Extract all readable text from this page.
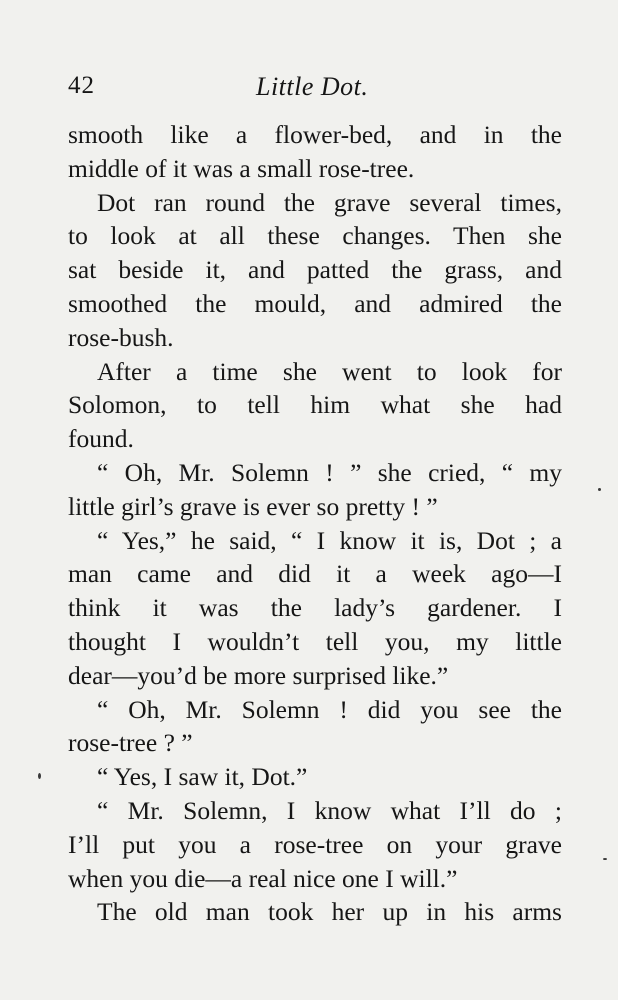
42	Little Dot.
smooth like a flower-bed, and in the
middle of it was a small rose-tree.
Dot ran round the grave several times,
to look at all these changes. Then she
sat beside it, and patted the grass, and
smoothed the mould, and admired the
rose-bush.
After a time she went to look for
Solomon, to tell him what she had
found.
“ Oh, Mr. Solemn ! ” she cried, “ my
little girl’s grave is ever so pretty ! ”
“ Yes,” he said, “ I know it is, Dot ; a
man came and did it a week ago—I
think it was the lady’s gardener. I
thought I wouldn’t tell you, my little
dear—you’d be more surprised like.”
“ Oh, Mr. Solemn ! did you see the
rose-tree ? ”
“ Yes, I saw it, Dot.”
“ Mr. Solemn, I know what I’ll do ;
I’ll put you a rose-tree on your grave
when you die—a real nice one I will.”
The old man took her up in his arms
